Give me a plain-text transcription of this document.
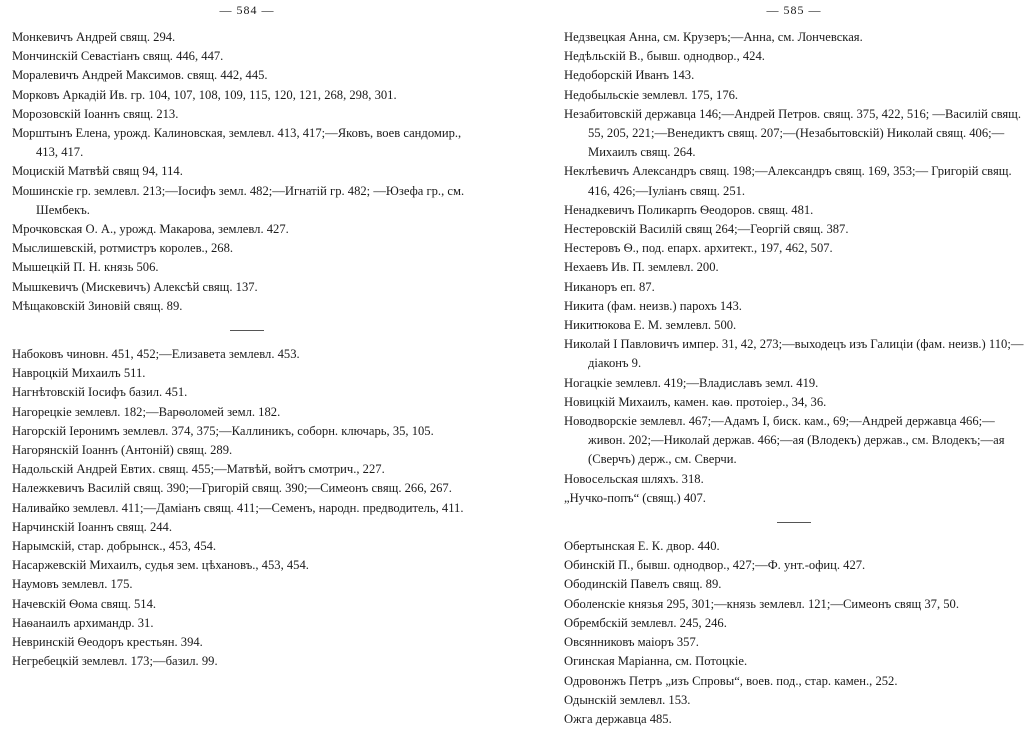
— 584 —
Монкевичъ Андрей свящ. 294.
Мончинскій Севастіанъ свящ. 446, 447.
Моралевичъ Андрей Максимов. свящ. 442, 445.
Морковъ Аркадій Ив. гр. 104, 107, 108, 109, 115, 120, 121, 268, 298, 301.
Морозовскій Іоаннъ свящ. 213.
Морштынъ Елена, урожд. Калиновская, землевл. 413, 417;—Яковъ, воев сандомир., 413, 417.
Моцискій Матвѣй свящ 94, 114.
Мошинскіе гр. землевл. 213;—Іосифъ земл. 482;—Игнатій гр. 482; —Юзефа гр., см. Шембекъ.
Мрочковская О. А., урожд. Макарова, землевл. 427.
Мыслишевскій, ротмистръ королев., 268.
Мышецкій П. Н. князь 506.
Мышкевичъ (Мискевичъ) Алексѣй свящ. 137.
Мѣщаковскій Зиновій свящ. 89.
Набоковъ чиновн. 451, 452;—Елизавета землевл. 453.
Навроцкій Михаилъ 511.
Нагнѣтовскій Іосифъ базил. 451.
Нагорецкіе землевл. 182;—Варѳоломей земл. 182.
Нагорскій Іеронимъ землевл. 374, 375;—Каллиникъ, соборн. ключарь, 35, 105.
Нагорянскій Іоаннъ (Антоній) свящ. 289.
Надольскій Андрей Евтих. свящ. 455;—Матвѣй, войтъ смотрич., 227.
Належкевичъ Василій свящ. 390;—Григорій свящ. 390;—Симеонъ свящ. 266, 267.
Наливайко землевл. 411;—Дамiанъ свящ. 411;—Семенъ, народн. предводитель, 411.
Нарчинскій Іоаннъ свящ. 244.
Нарымскій, стар. добрынск., 453, 454.
Насаржевскій Михаилъ, судья зем. цѣхановъ., 453, 454.
Наумовъ землевл. 175.
Начевскій Ѳома свящ. 514.
Наѳанаилъ архимандр. 31.
Невринскій Ѳеодоръ крестьян. 394.
Негребецкій землевл. 173;—базил. 99.
— 585 —
Недзвецкая Анна, см. Крузеръ;—Анна, см. Лончевская.
Недѣльскій В., бывш. однодвор., 424.
Недоборскій Иванъ 143.
Недобыльскіе землевл. 175, 176.
Незабитовскій державца 146;—Андрей Петров. свящ. 375, 422, 516; —Василій свящ. 55, 205, 221;—Венедиктъ свящ. 207;—(Незабытовскій) Николай свящ. 406;—Михаилъ свящ. 264.
Неклѣевичъ Александръ свящ. 198;—Александръ свящ. 169, 353;— Григорій свящ. 416, 426;—Іуліанъ свящ. 251.
Ненадкевичъ Поликарпъ Ѳеодоров. свящ. 481.
Нестеровскій Василій свящ 264;—Георгій свящ. 387.
Нестеровъ Ѳ., под. епарх. архитект., 197, 462, 507.
Нехаевъ Ив. П. землевл. 200.
Никаноръ еп. 87.
Никита (фам. неизв.) парохъ 143.
Никитюкова Е. М. землевл. 500.
Николай I Павловичъ импер. 31, 42, 273;—выходецъ изъ Галиціи (фам. неизв.) 110;—діаконъ 9.
Ногацкіе землевл. 419;—Владиславъ земл. 419.
Новицкій Михаилъ, камен. каѳ. протоіер., 34, 36.
Новодворскіе землевл. 467;—Адамъ I, биск. кам., 69;—Андрей державца 466;—живон. 202;—Николай держав. 466;—ая (Влодекъ) держав., см. Влодекъ;—ая (Сверчъ) держ., см. Сверчи.
Новосельская шляхъ. 318.
„Нучко-попъ“ (свящ.) 407.
Обертынская Е. К. двор. 440.
Обинскій П., бывш. однодвор., 427;—Ф. унт.-офиц. 427.
Ободинскій Павелъ свящ. 89.
Оболенскіе князья 295, 301;—князь землевл. 121;—Симеонъ свящ 37, 50.
Обрембскій землевл. 245, 246.
Овсянниковъ маіоръ 357.
Огинская Маріанна, см. Потоцкіе.
Одровонжъ Петръ „изъ Спровы“, воев. под., стар. камен., 252.
Одынскій землевл. 153.
Ожга державца 485.
